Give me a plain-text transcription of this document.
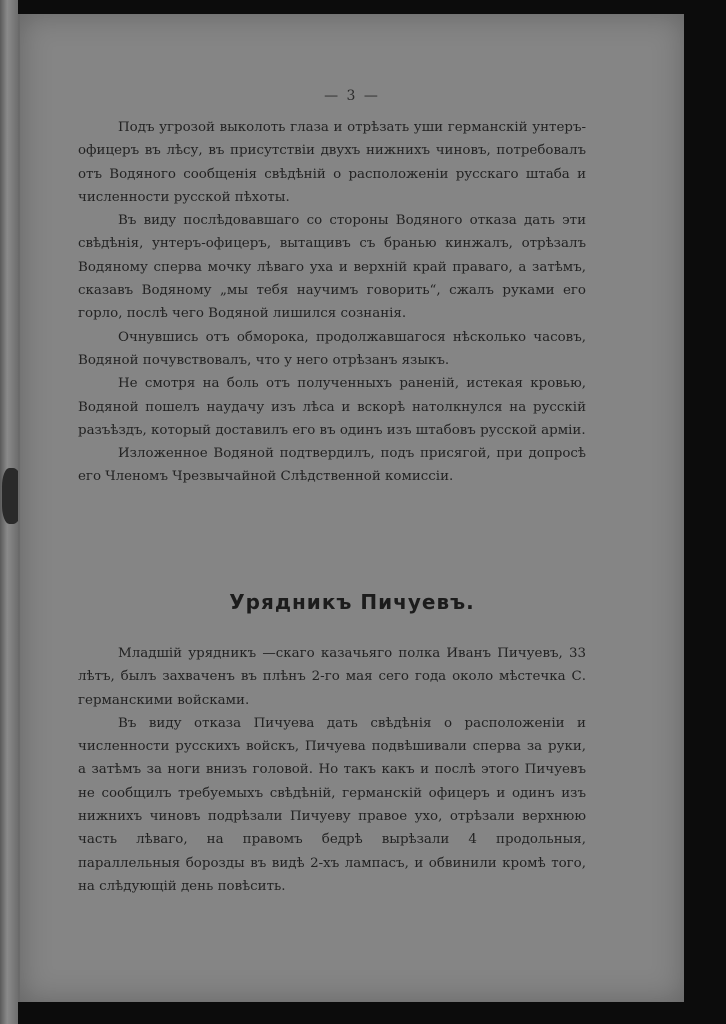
— 3 —

Подъ угрозой выколоть глаза и отрѣзать уши германскій унтеръ-офицеръ въ лѣсу, въ присутствіи двухъ нижнихъ чиновъ, потребовалъ отъ Водяного сообщенія свѣдѣній о расположеніи русскаго штаба и численности русской пѣхоты.

Въ виду послѣдовавшаго со стороны Водяного отказа дать эти свѣдѣнія, унтеръ-офицеръ, вытащивъ съ бранью кинжалъ, отрѣзалъ Водяному сперва мочку лѣваго уха и верхній край праваго, а затѣмъ, сказавъ Водяному „мы тебя научимъ говорить“, сжалъ руками его горло, послѣ чего Водяной лишился сознанія.

Очнувшись отъ обморока, продолжавшагося нѣсколько часовъ, Водяной почувствовалъ, что у него отрѣзанъ языкъ.

Не смотря на боль отъ полученныхъ раненій, истекая кровью, Водяной пошелъ наудачу изъ лѣса и вскорѣ натолкнулся на русскій разъѣздъ, который доставилъ его въ одинъ изъ штабовъ русской арміи.

Изложенное Водяной подтвердилъ, подъ присягой, при допросѣ его Членомъ Чрезвычайной Слѣдственной комиссіи.

Урядникъ Пичуевъ.

Младшій урядникъ —скаго казачьяго полка Иванъ Пичуевъ, 33 лѣтъ, былъ захваченъ въ плѣнъ 2-го мая сего года около мѣстечка С. германскими войсками.

Въ виду отказа Пичуева дать свѣдѣнія о расположеніи и численности русскихъ войскъ, Пичуева подвѣшивали сперва за руки, а затѣмъ за ноги внизъ головой. Но такъ какъ и послѣ этого Пичуевъ не сообщилъ требуемыхъ свѣдѣній, германскій офицеръ и одинъ изъ нижнихъ чиновъ подрѣзали Пичуеву правое ухо, отрѣзали верхнюю часть лѣваго, на правомъ бедрѣ вырѣзали 4 продольныя, параллельныя борозды въ видѣ 2-хъ лампасъ, и обвинили кромѣ того, на слѣдующій день повѣсить.
